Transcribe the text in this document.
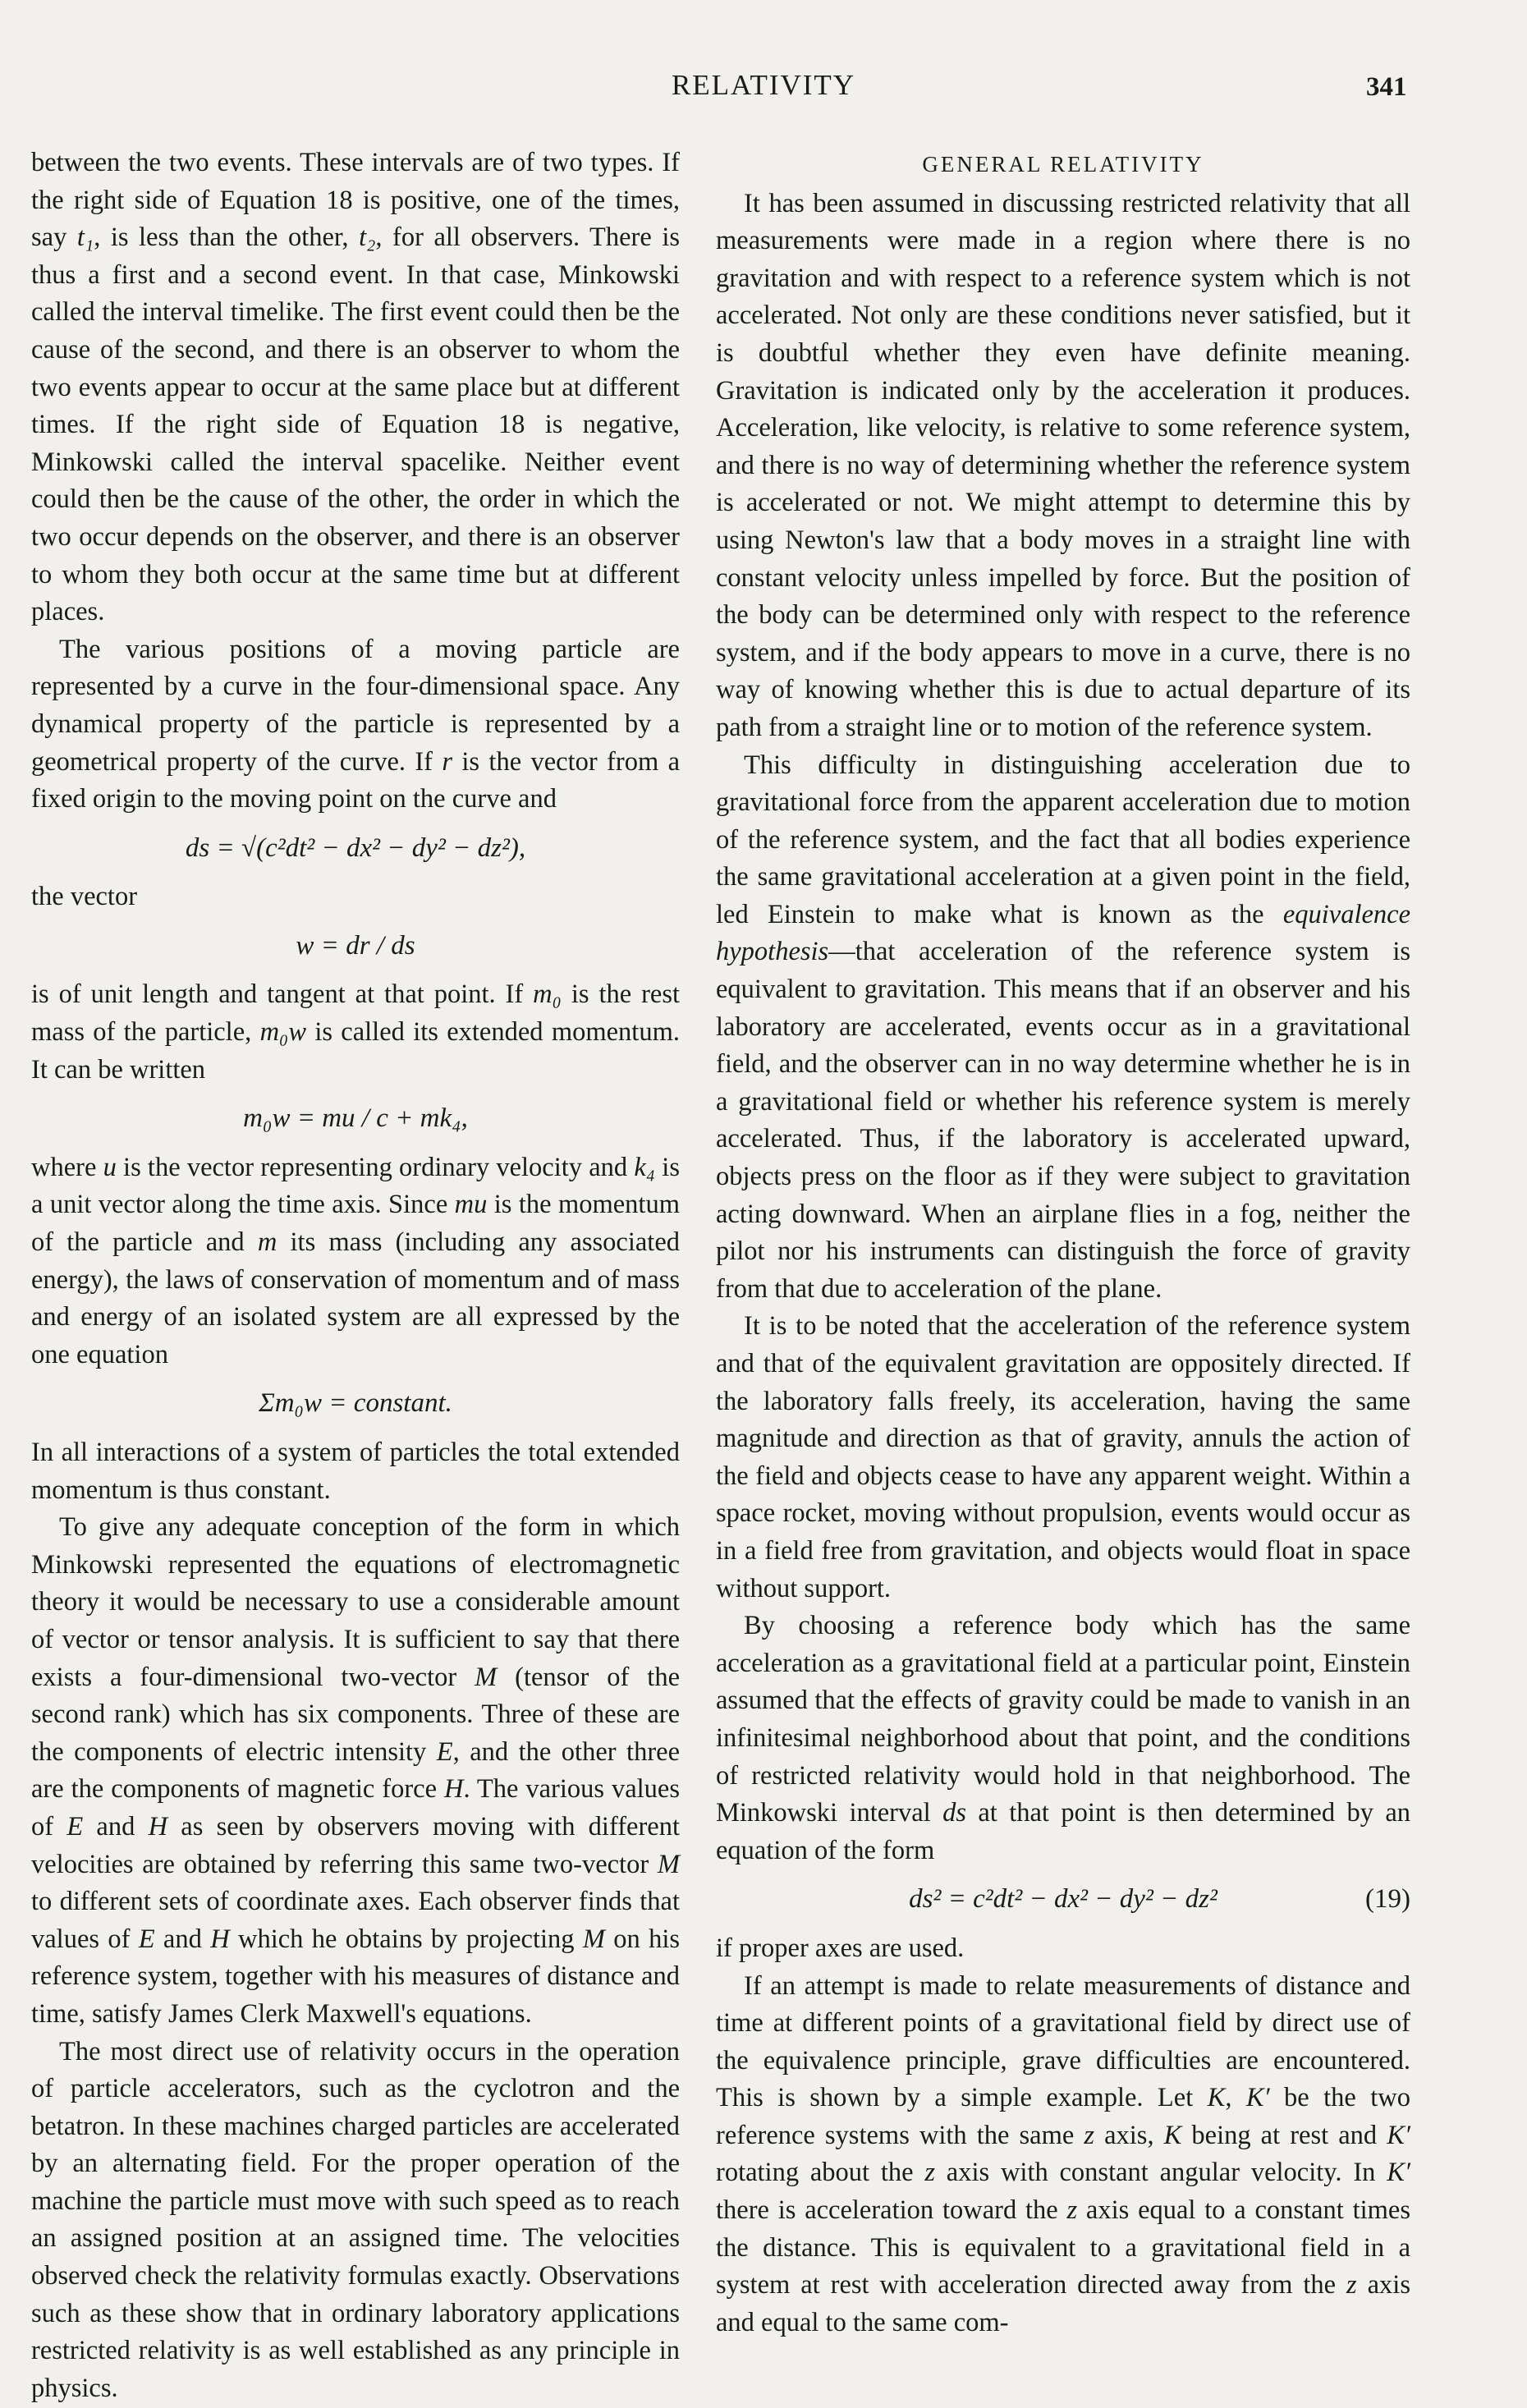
RELATIVITY	341

between the two events. These intervals are of two types. If the right side of Equation 18 is positive, one of the times, say t₁, is less than the other, t₂, for all observers. There is thus a first and a second event. In that case, Minkowski called the interval timelike. The first event could then be the cause of the second, and there is an observer to whom the two events appear to occur at the same place but at different times. If the right side of Equation 18 is negative, Minkowski called the interval spacelike. Neither event could then be the cause of the other, the order in which the two occur depends on the observer, and there is an observer to whom they both occur at the same time but at different places.

The various positions of a moving particle are represented by a curve in the four-dimensional space. Any dynamical property of the particle is represented by a geometrical property of the curve. If r is the vector from a fixed origin to the moving point on the curve and

ds = √(c²dt² − dx² − dy² − dz²),

the vector

w = dr / ds

is of unit length and tangent at that point. If m₀ is the rest mass of the particle, m₀w is called its extended momentum. It can be written

m₀w = mu / c + mk₄,

where u is the vector representing ordinary velocity and k₄ is a unit vector along the time axis. Since mu is the momentum of the particle and m its mass (including any associated energy), the laws of conservation of momentum and of mass and energy of an isolated system are all expressed by the one equation

Σm₀w = constant.

In all interactions of a system of particles the total extended momentum is thus constant.

To give any adequate conception of the form in which Minkowski represented the equations of electromagnetic theory it would be necessary to use a considerable amount of vector or tensor analysis. It is sufficient to say that there exists a four-dimensional two-vector M (tensor of the second rank) which has six components. Three of these are the components of electric intensity E, and the other three are the components of magnetic force H. The various values of E and H as seen by observers moving with different velocities are obtained by referring this same two-vector M to different sets of coordinate axes. Each observer finds that values of E and H which he obtains by projecting M on his reference system, together with his measures of distance and time, satisfy James Clerk Maxwell's equations.

The most direct use of relativity occurs in the operation of particle accelerators, such as the cyclotron and the betatron. In these machines charged particles are accelerated by an alternating field. For the proper operation of the machine the particle must move with such speed as to reach an assigned position at an assigned time. The velocities observed check the relativity formulas exactly. Observations such as these show that in ordinary laboratory applications restricted relativity is as well established as any principle in physics.

GENERAL RELATIVITY

It has been assumed in discussing restricted relativity that all measurements were made in a region where there is no gravitation and with respect to a reference system which is not accelerated. Not only are these conditions never satisfied, but it is doubtful whether they even have definite meaning. Gravitation is indicated only by the acceleration it produces. Acceleration, like velocity, is relative to some reference system, and there is no way of determining whether the reference system is accelerated or not. We might attempt to determine this by using Newton's law that a body moves in a straight line with constant velocity unless impelled by force. But the position of the body can be determined only with respect to the reference system, and if the body appears to move in a curve, there is no way of knowing whether this is due to actual departure of its path from a straight line or to motion of the reference system.

This difficulty in distinguishing acceleration due to gravitational force from the apparent acceleration due to motion of the reference system, and the fact that all bodies experience the same gravitational acceleration at a given point in the field, led Einstein to make what is known as the equivalence hypothesis—that acceleration of the reference system is equivalent to gravitation. This means that if an observer and his laboratory are accelerated, events occur as in a gravitational field, and the observer can in no way determine whether he is in a gravitational field or whether his reference system is merely accelerated. Thus, if the laboratory is accelerated upward, objects press on the floor as if they were subject to gravitation acting downward. When an airplane flies in a fog, neither the pilot nor his instruments can distinguish the force of gravity from that due to acceleration of the plane.

It is to be noted that the acceleration of the reference system and that of the equivalent gravitation are oppositely directed. If the laboratory falls freely, its acceleration, having the same magnitude and direction as that of gravity, annuls the action of the field and objects cease to have any apparent weight. Within a space rocket, moving without propulsion, events would occur as in a field free from gravitation, and objects would float in space without support.

By choosing a reference body which has the same acceleration as a gravitational field at a particular point, Einstein assumed that the effects of gravity could be made to vanish in an infinitesimal neighborhood about that point, and the conditions of restricted relativity would hold in that neighborhood. The Minkowski interval ds at that point is then determined by an equation of the form

ds² = c²dt² − dx² − dy² − dz²	(19)

if proper axes are used.

If an attempt is made to relate measurements of distance and time at different points of a gravitational field by direct use of the equivalence principle, grave difficulties are encountered. This is shown by a simple example. Let K, K′ be the two reference systems with the same z axis, K being at rest and K′ rotating about the z axis with constant angular velocity. In K′ there is acceleration toward the z axis equal to a constant times the distance. This is equivalent to a gravitational field in a system at rest with acceleration directed away from the z axis and equal to the same com-
